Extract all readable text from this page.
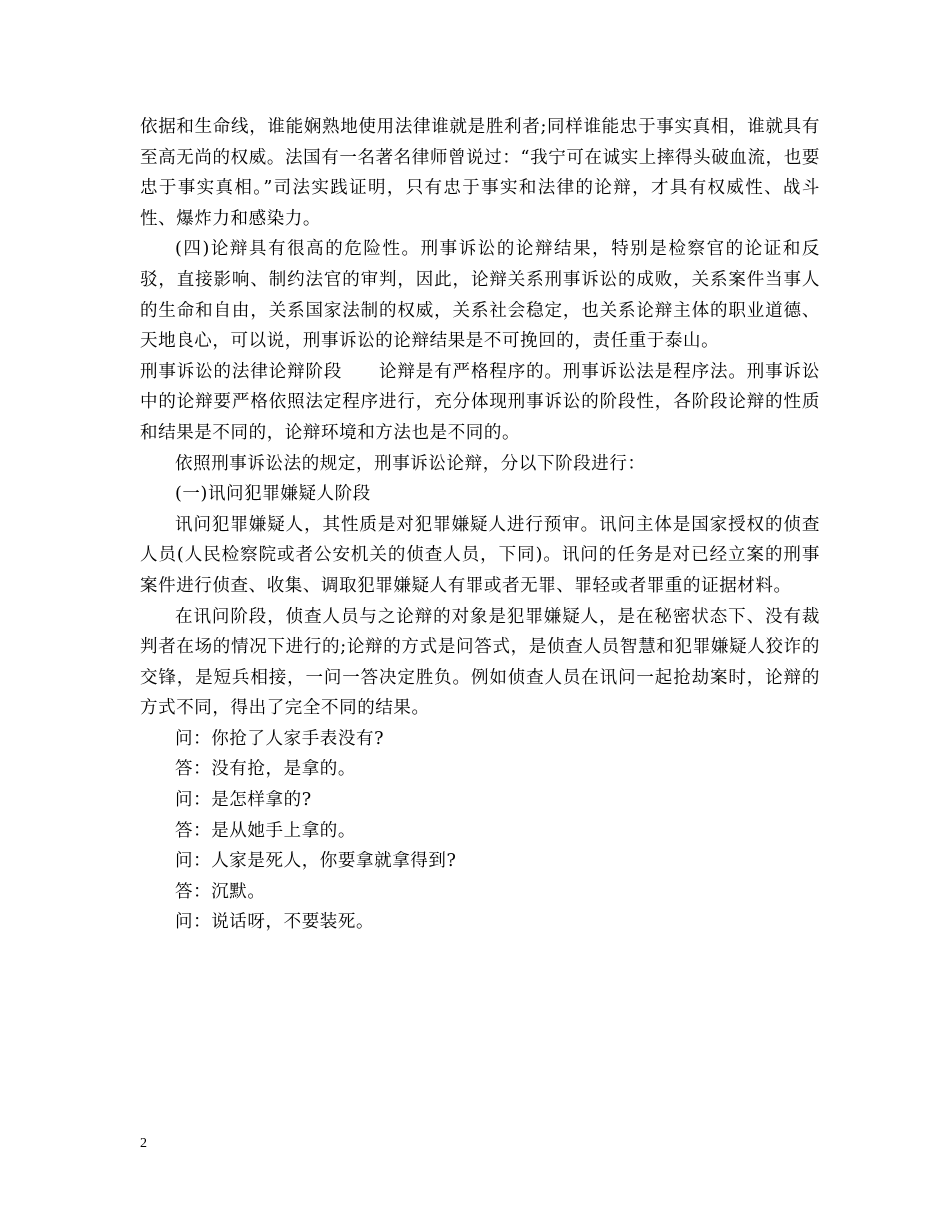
依据和生命线，谁能娴熟地使用法律谁就是胜利者;同样谁能忠于事实真相，谁就具有至高无尚的权威。法国有一名著名律师曾说过：“我宁可在诚实上摔得头破血流，也要忠于事实真相。”司法实践证明，只有忠于事实和法律的论辩，才具有权威性、战斗性、爆炸力和感染力。

(四)论辩具有很高的危险性。刑事诉讼的论辩结果，特别是检察官的论证和反驳，直接影响、制约法官的审判，因此，论辩关系刑事诉讼的成败，关系案件当事人的生命和自由，关系国家法制的权威，关系社会稳定，也关系论辩主体的职业道德、天地良心，可以说，刑事诉讼的论辩结果是不可挽回的，责任重于泰山。

刑事诉讼的法律论辩阶段　　论辩是有严格程序的。刑事诉讼法是程序法。刑事诉讼中的论辩要严格依照法定程序进行，充分体现刑事诉讼的阶段性，各阶段论辩的性质和结果是不同的，论辩环境和方法也是不同的。

依照刑事诉讼法的规定，刑事诉讼论辩，分以下阶段进行：

(一)讯问犯罪嫌疑人阶段

讯问犯罪嫌疑人，其性质是对犯罪嫌疑人进行预审。讯问主体是国家授权的侦查人员(人民检察院或者公安机关的侦查人员，下同)。讯问的任务是对已经立案的刑事案件进行侦查、收集、调取犯罪嫌疑人有罪或者无罪、罪轻或者罪重的证据材料。

在讯问阶段，侦查人员与之论辩的对象是犯罪嫌疑人，是在秘密状态下、没有裁判者在场的情况下进行的;论辩的方式是问答式，是侦查人员智慧和犯罪嫌疑人狡诈的交锋，是短兵相接，一问一答决定胜负。例如侦查人员在讯问一起抢劫案时，论辩的方式不同，得出了完全不同的结果。

问：你抢了人家手表没有?

答：没有抢，是拿的。

问：是怎样拿的?

答：是从她手上拿的。

问：人家是死人，你要拿就拿得到?

答：沉默。

问：说话呀，不要装死。

2
